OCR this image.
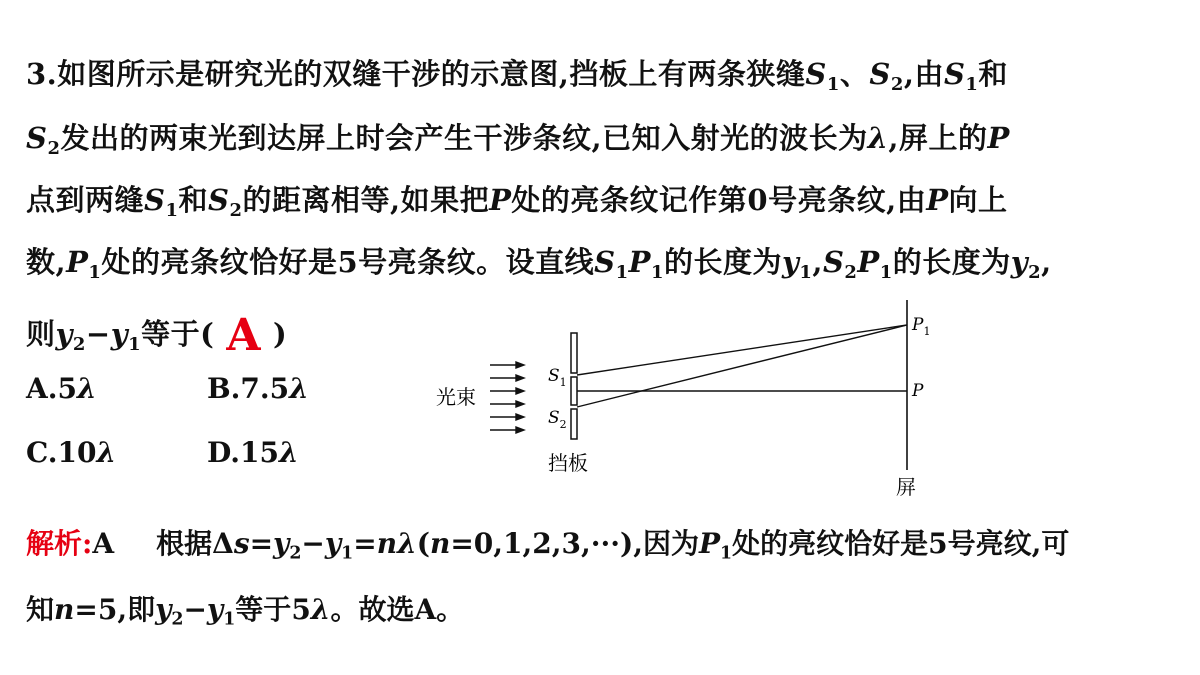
3.如图所示是研究光的双缝干涉的示意图,挡板上有两条狭缝$S_1$、$S_2$,由$S_1$和
$S_2$发出的两束光到达屏上时会产生干涉条纹,已知入射光的波长为λ,屏上的P
点到两缝$S_1$和$S_2$的距离相等,如果把P处的亮条纹记作第0号亮条纹,由P向上
数$,P_1$处的亮条纹恰好是5号亮条纹。设直线$S_1P_1$的长度为$y_1,S_2P_1$的长度为$y_2$,
则$y_2-y_1$等于( A )
A.5λ	B.7.5λ
C.10λ	D.15λ
光束
$S_1$
$S_2$
挡板
$P_1$
P
屏
解析:A 根据$\Delta s=y_2-y_1=n\lambda(n=0,1,2,3,\cdot\cdot\cdot)$,因为$P_1$处的亮纹恰好是5号亮纹,可
知n=5,即$y_2-y_1$等于5λ。故选A。
